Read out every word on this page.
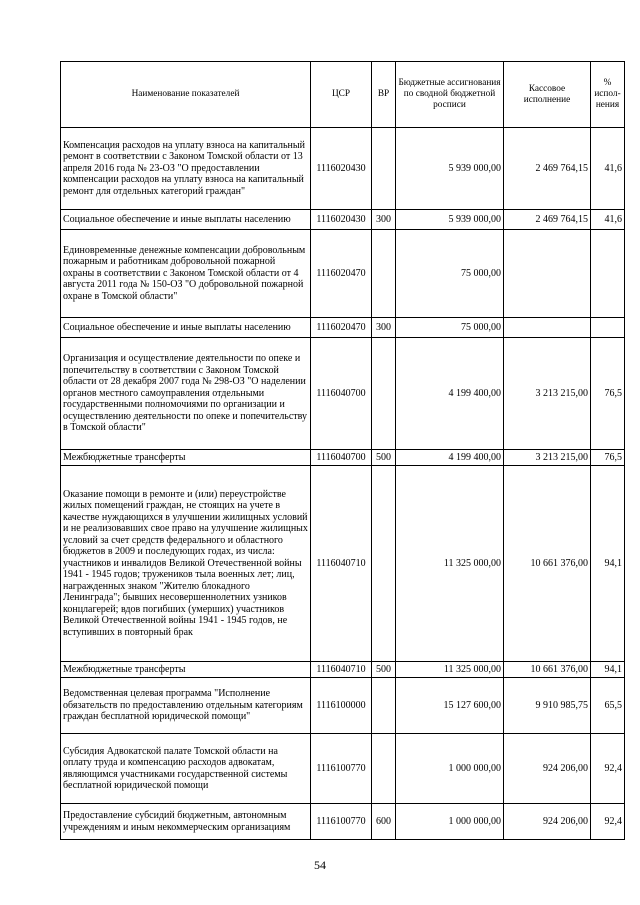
Наименование показателей	ЦСР	ВР	Бюджетные ассигнования по сводной бюджетной росписи	Кассовое исполнение	% испол-нения
Компенсация расходов на уплату взноса на капитальный ремонт в соответствии с Законом Томской области от 13 апреля 2016 года № 23-ОЗ "О предоставлении компенсации расходов на уплату взноса на капитальный ремонт для отдельных категорий граждан"	1116020430		5 939 000,00	2 469 764,15	41,6
Социальное обеспечение и иные выплаты населению	1116020430	300	5 939 000,00	2 469 764,15	41,6
Единовременные денежные компенсации добровольным пожарным и работникам добровольной пожарной охраны в соответствии с Законом Томской области от 4 августа 2011 года № 150-ОЗ "О добровольной пожарной охране в Томской области"	1116020470		75 000,00		
Социальное обеспечение и иные выплаты населению	1116020470	300	75 000,00		
Организация и осуществление деятельности по опеке и попечительству в соответствии с Законом Томской области от 28 декабря 2007 года № 298-ОЗ "О наделении органов местного самоуправления отдельными государственными полномочиями по организации и осуществлению деятельности по опеке и попечительству в Томской области"	1116040700		4 199 400,00	3 213 215,00	76,5
Межбюджетные трансферты	1116040700	500	4 199 400,00	3 213 215,00	76,5
Оказание помощи в ремонте и (или) переустройстве жилых помещений граждан, не стоящих на учете в качестве нуждающихся в улучшении жилищных условий и не реализовавших свое право на улучшение жилищных условий за счет средств федерального и областного бюджетов в 2009 и последующих годах, из числа: участников и инвалидов Великой Отечественной войны 1941 - 1945 годов; тружеников тыла военных лет; лиц, награжденных знаком "Жителю блокадного Ленинграда"; бывших несовершеннолетних узников концлагерей; вдов погибших (умерших) участников Великой Отечественной войны 1941 - 1945 годов, не вступивших в повторный брак	1116040710		11 325 000,00	10 661 376,00	94,1
Межбюджетные трансферты	1116040710	500	11 325 000,00	10 661 376,00	94,1
Ведомственная целевая программа "Исполнение обязательств по предоставлению отдельным категориям граждан бесплатной юридической помощи"	1116100000		15 127 600,00	9 910 985,75	65,5
Субсидия Адвокатской палате Томской области на оплату труда и компенсацию расходов адвокатам, являющимся участниками государственной системы бесплатной юридической помощи	1116100770		1 000 000,00	924 206,00	92,4
Предоставление субсидий бюджетным, автономным учреждениям и иным некоммерческим организациям	1116100770	600	1 000 000,00	924 206,00	92,4
54
